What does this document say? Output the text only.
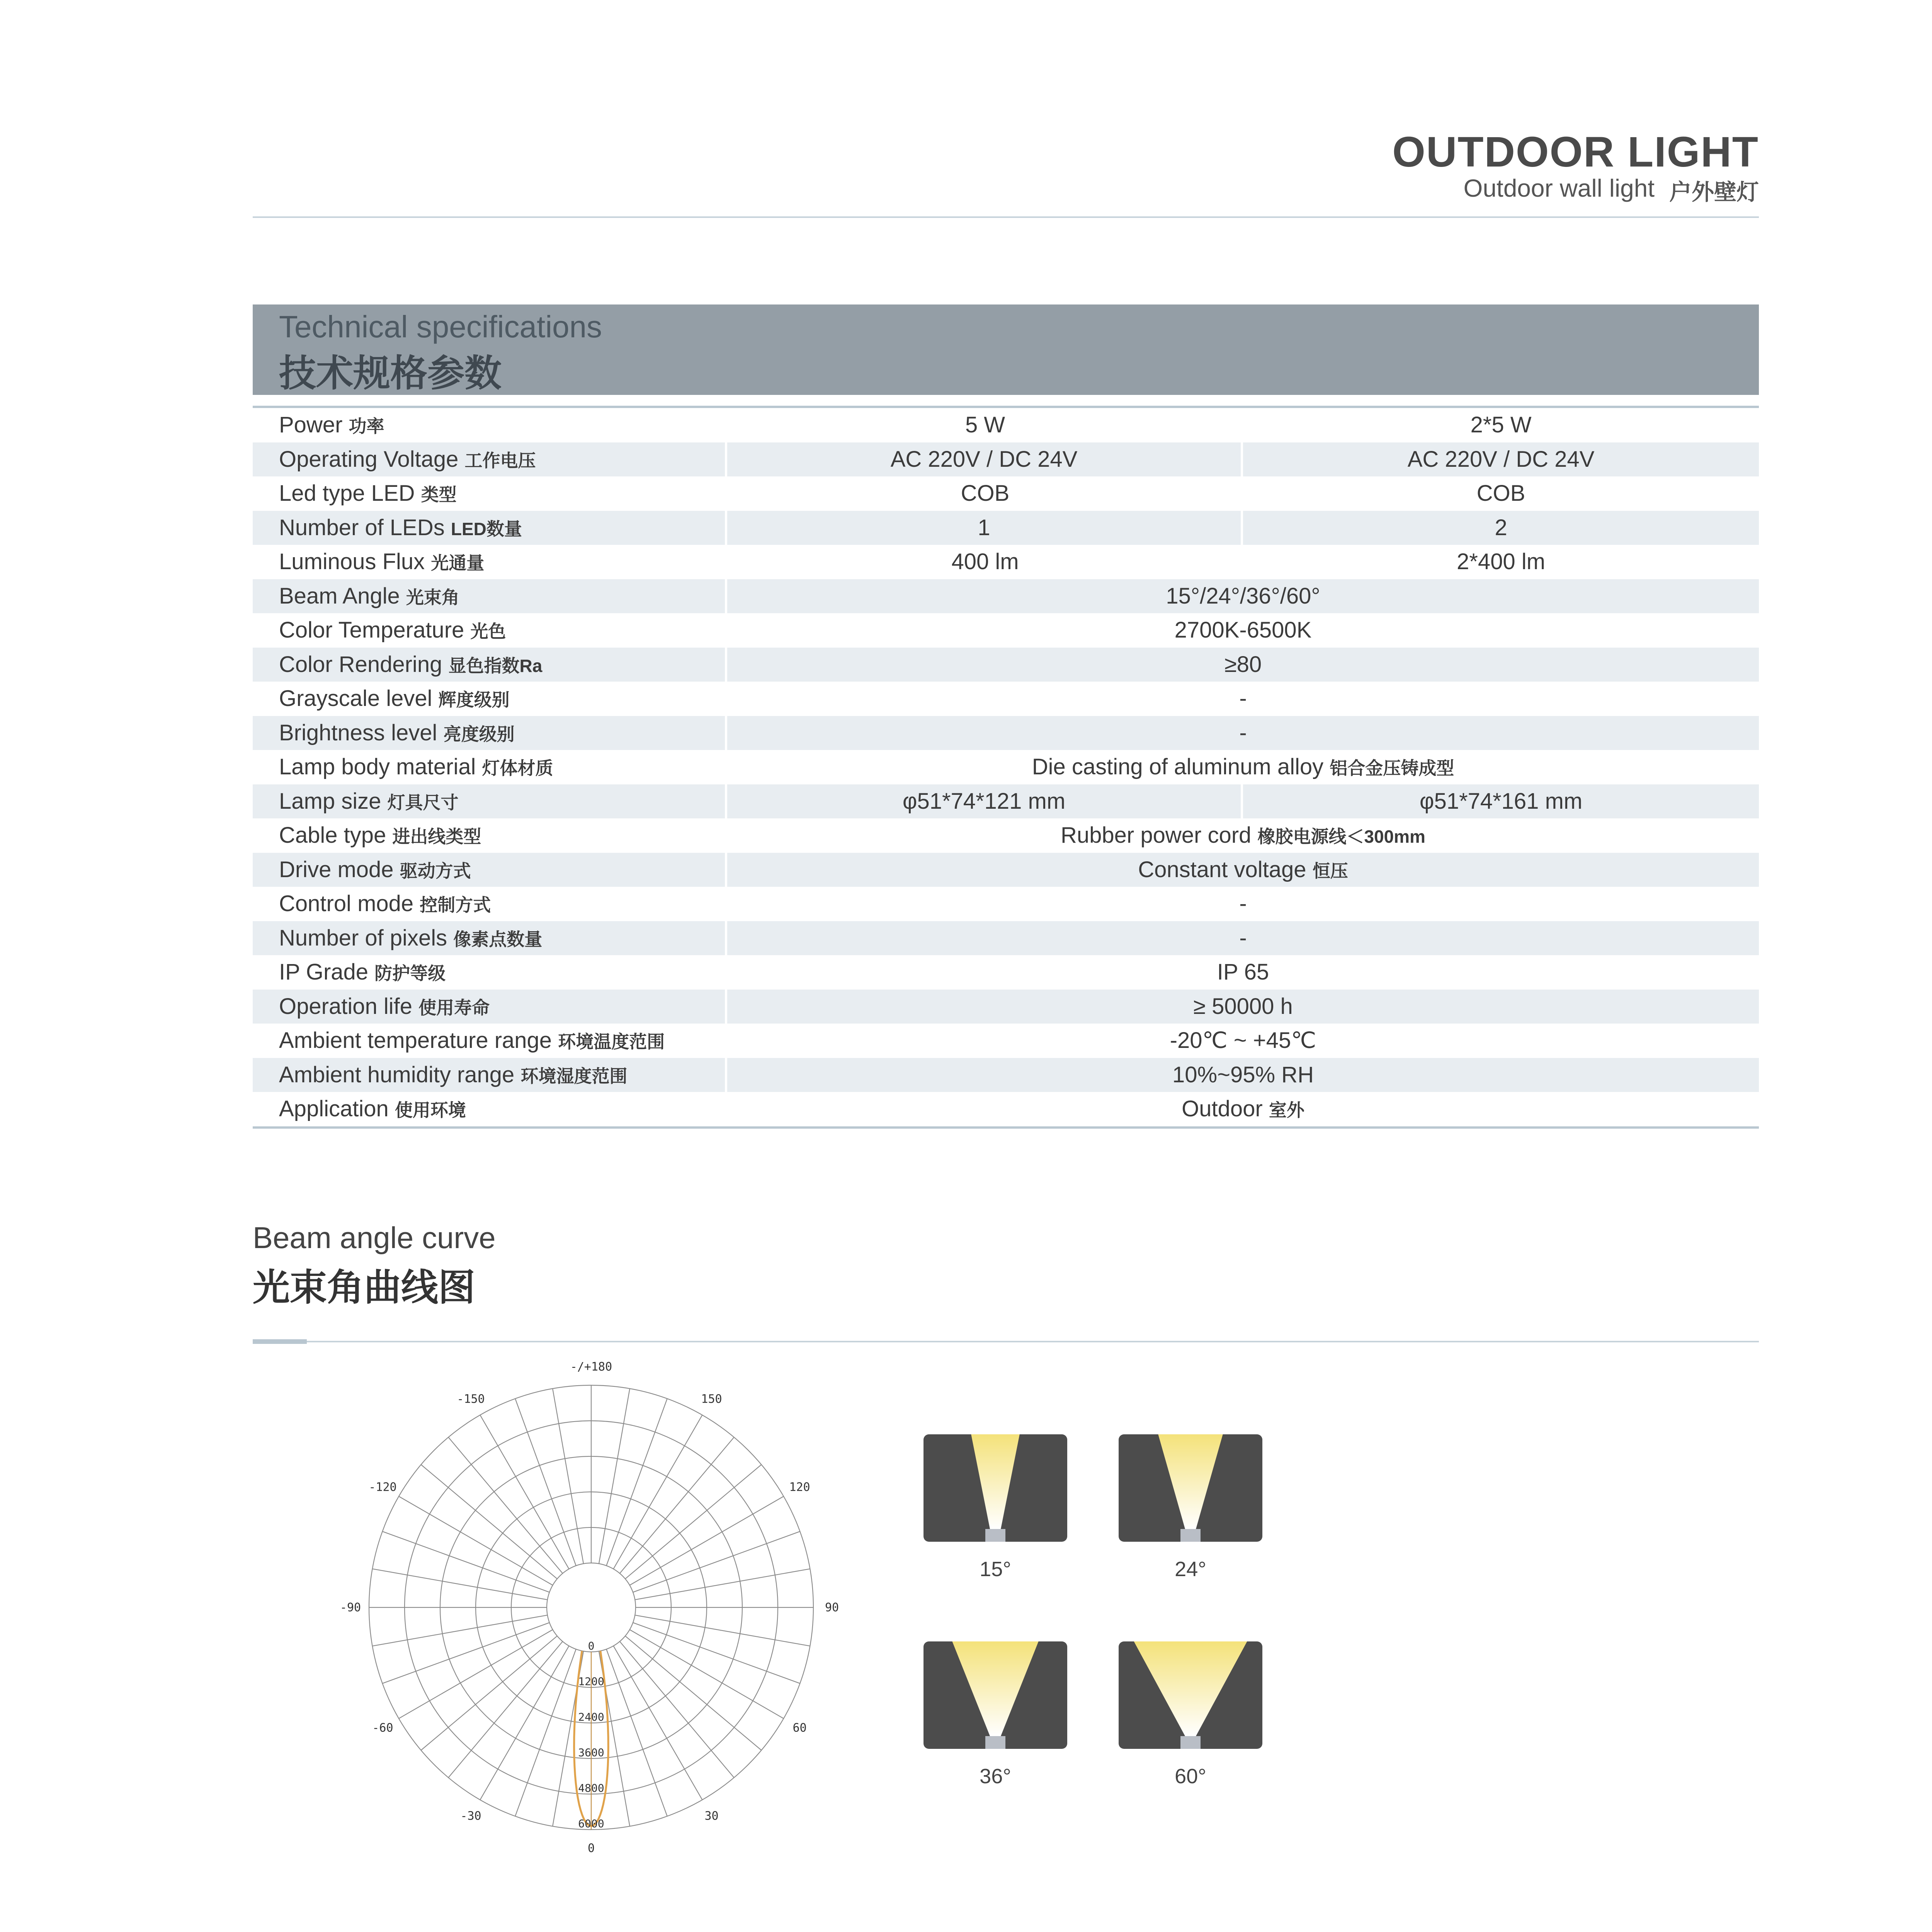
OUTDOOR LIGHT
Outdoor wall light 户外壁灯
Technical specifications
技术规格参数
Power 功率	5 W	2*5 W
Operating Voltage 工作电压	AC 220V / DC 24V	AC 220V / DC 24V
Led type LED 类型	COB	COB
Number of LEDs LED数量	1	2
Luminous Flux 光通量	400 lm	2*400 lm
Beam Angle 光束角	15°/24°/36°/60°
Color Temperature 光色	2700K-6500K
Color Rendering 显色指数Ra	≥80
Grayscale level 辉度级别	-
Brightness level 亮度级别	-
Lamp body material 灯体材质	Die casting of aluminum alloy 铝合金压铸成型
Lamp size 灯具尺寸	φ51*74*121 mm	φ51*74*161 mm
Cable type 进出线类型	Rubber power cord 橡胶电源线＜300mm
Drive mode 驱动方式	Constant voltage 恒压
Control mode 控制方式	-
Number of pixels 像素点数量	-
IP Grade 防护等级	IP 65
Operation life 使用寿命	≥ 50000 h
Ambient temperature range 环境温度范围	-20℃ ~ +45℃
Ambient humidity range 环境湿度范围	10%~95% RH
Application 使用环境	Outdoor 室外
Beam angle curve
光束角曲线图
-/+180
-150	150
-120	120
-90	90
-60	60
-30	30
0
0
1200
2400
3600
4800
6000
15°	24°
36°	60°
